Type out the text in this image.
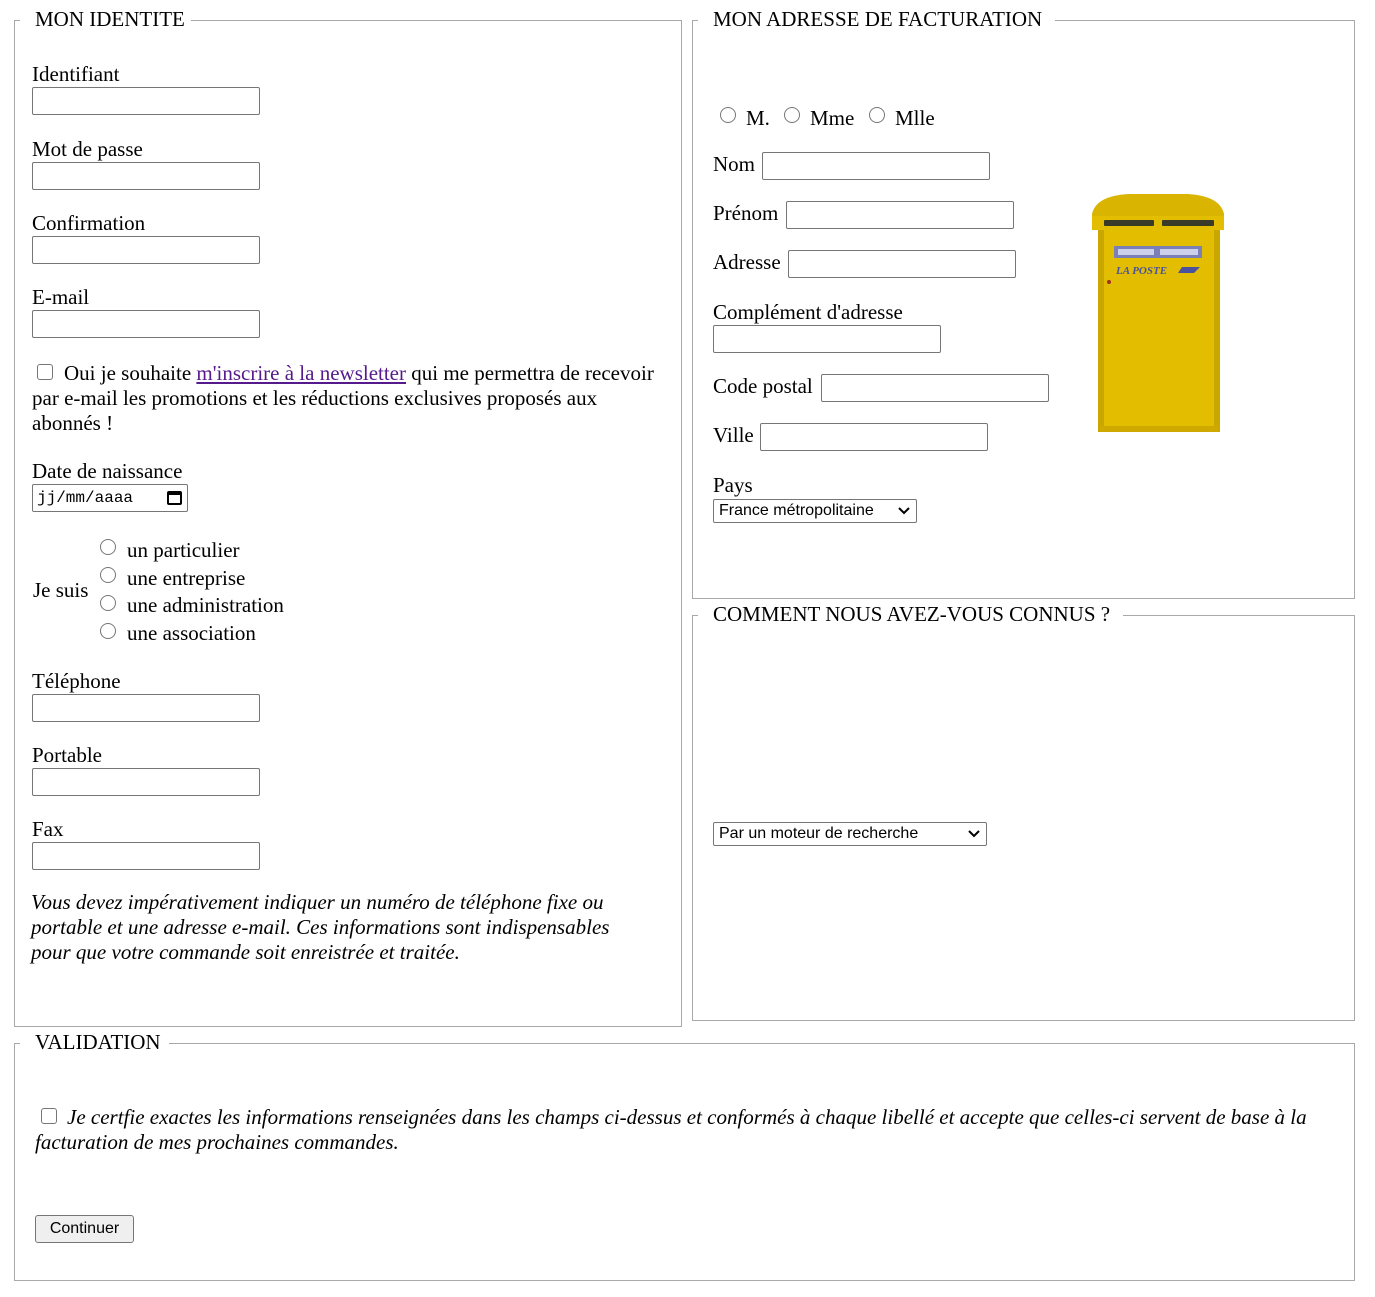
MON IDENTITE
Identifiant
Mot de passe
Confirmation
E-mail
Oui je souhaite m'inscrire à la newsletter qui me permettra de recevoir par e-mail les promotions et les réductions exclusives proposés aux abonnés !
Date de naissance
jj/mm/aaaa
Je suis
un particulier
une entreprise
une administration
une association
Téléphone
Portable
Fax
Vous devez impérativement indiquer un numéro de téléphone fixe ou portable et une adresse e-mail. Ces informations sont indispensables pour que votre commande soit enreistrée et traitée.
MON ADRESSE DE FACTURATION
M. Mme Mlle
Nom
Prénom
Adresse
Complément d'adresse
Code postal
Ville
Pays
France métropolitaine
LA POSTE
COMMENT NOUS AVEZ-VOUS CONNUS ?
Par un moteur de recherche
VALIDATION
Je certfie exactes les informations renseignées dans les champs ci-dessus et conformés à chaque libellé et accepte que celles-ci servent de base à la facturation de mes prochaines commandes.
Continuer
